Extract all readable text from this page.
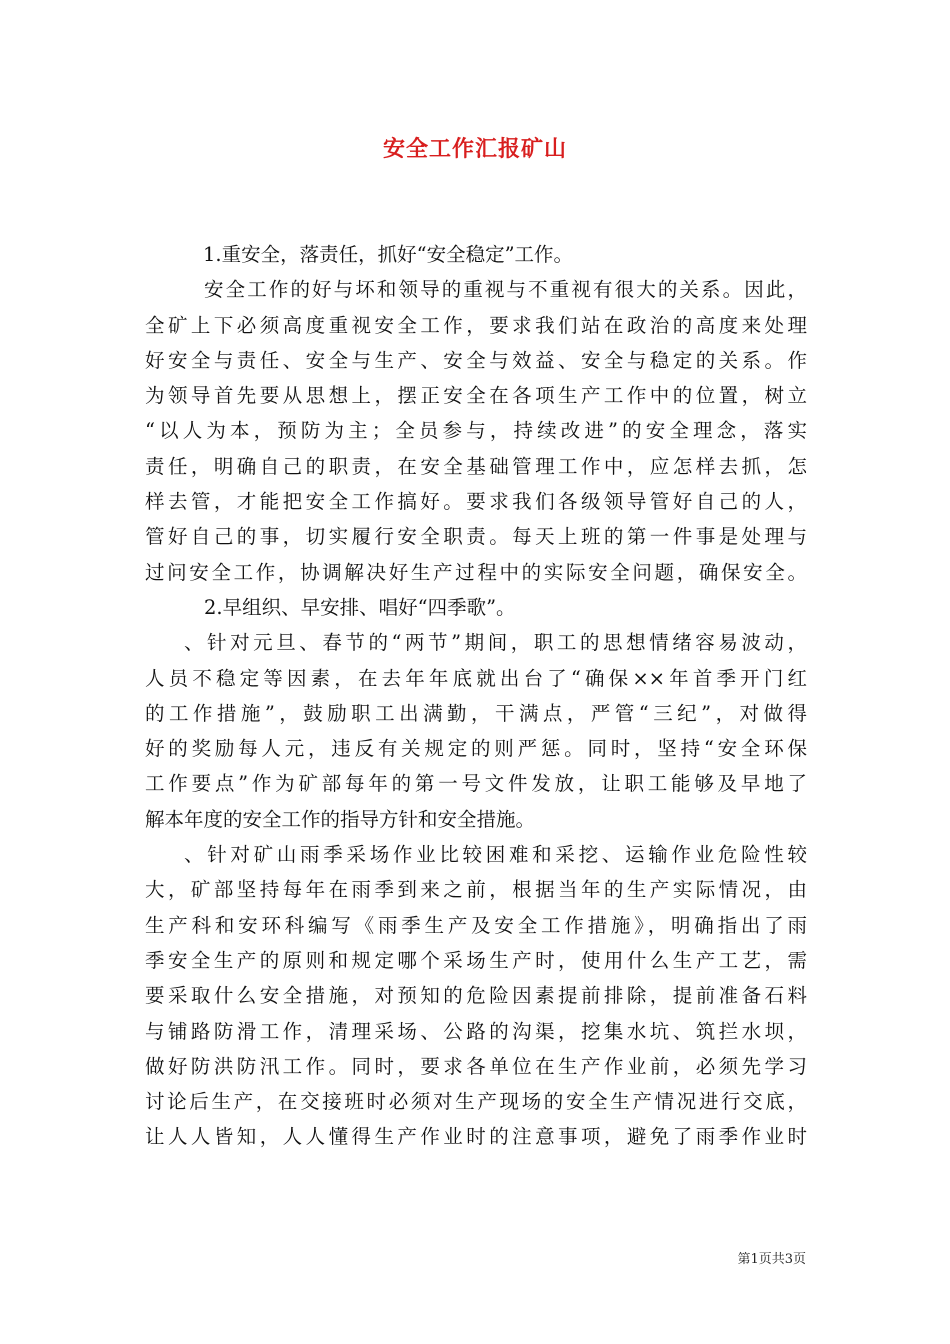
安全工作汇报矿山
1.重安全，落责任，抓好“安全稳定”工作。
安全工作的好与坏和领导的重视与不重视有很大的关系。因此，
全矿上下必须高度重视安全工作，要求我们站在政治的高度来处理
好安全与责任、安全与生产、安全与效益、安全与稳定的关系。作
为领导首先要从思想上，摆正安全在各项生产工作中的位置，树立
“以人为本，预防为主；全员参与，持续改进”的安全理念，落实
责任，明确自己的职责，在安全基础管理工作中，应怎样去抓，怎
样去管，才能把安全工作搞好。要求我们各级领导管好自己的人，
管好自己的事，切实履行安全职责。每天上班的第一件事是处理与
过问安全工作，协调解决好生产过程中的实际安全问题，确保安全。
2.早组织、早安排、唱好“四季歌”。
、针对元旦、春节的“两节”期间，职工的思想情绪容易波动，
人员不稳定等因素，在去年年底就出台了“确保××年首季开门红
的工作措施”，鼓励职工出满勤，干满点，严管“三纪”，对做得
好的奖励每人元，违反有关规定的则严惩。同时，坚持“安全环保
工作要点”作为矿部每年的第一号文件发放，让职工能够及早地了
解本年度的安全工作的指导方针和安全措施。
、针对矿山雨季采场作业比较困难和采挖、运输作业危险性较
大，矿部坚持每年在雨季到来之前，根据当年的生产实际情况，由
生产科和安环科编写《雨季生产及安全工作措施》，明确指出了雨
季安全生产的原则和规定哪个采场生产时，使用什么生产工艺，需
要采取什么安全措施，对预知的危险因素提前排除，提前准备石料
与铺路防滑工作，清理采场、公路的沟渠，挖集水坑、筑拦水坝，
做好防洪防汛工作。同时，要求各单位在生产作业前，必须先学习
讨论后生产，在交接班时必须对生产现场的安全生产情况进行交底，
让人人皆知，人人懂得生产作业时的注意事项，避免了雨季作业时
第1页共3页
